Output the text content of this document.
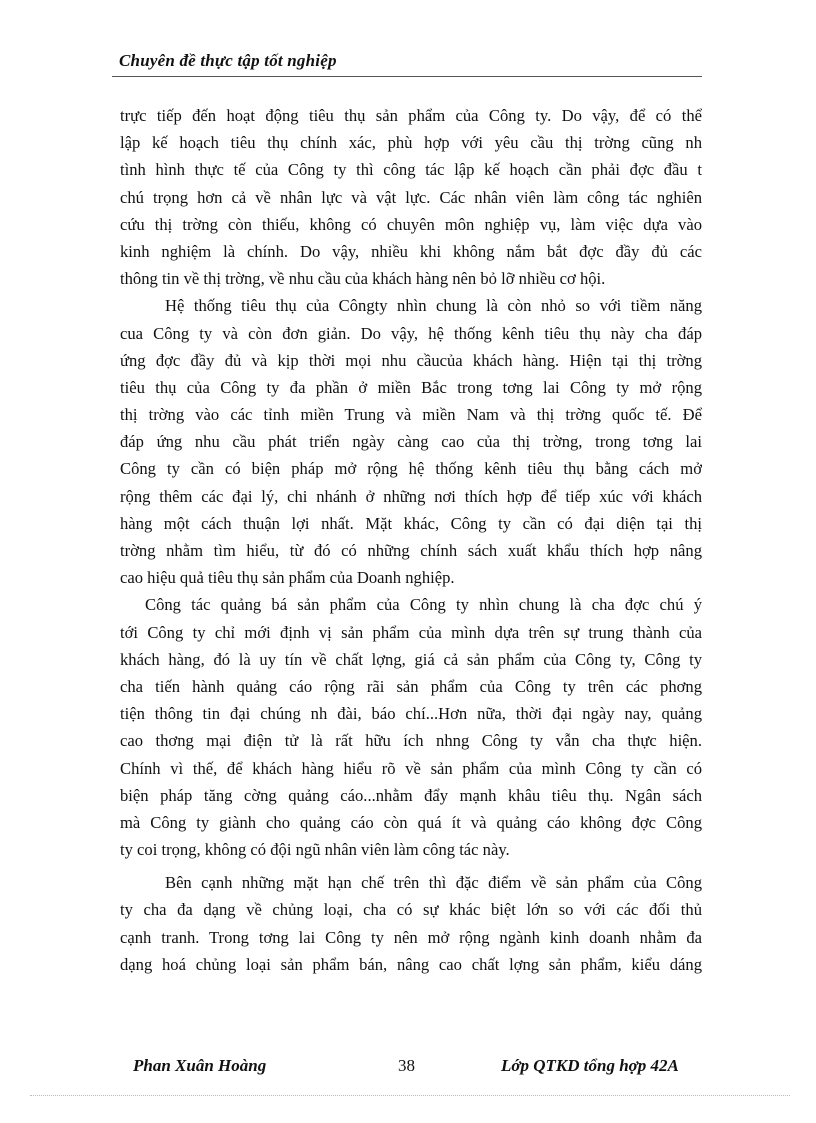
Chuyên đề thực tập tốt nghiệp
trực tiếp đến hoạt động tiêu thụ sản phẩm của Công ty. Do vậy, để có thể
lập kế hoạch tiêu thụ chính xác, phù hợp với yêu cầu thị trờng cũng nh
tình hình thực tế của Công ty thì công tác lập kế hoạch cần phải đợc đầu t
chú trọng hơn cả về nhân lực và vật lực. Các nhân viên làm công tác nghiên
cứu thị trờng còn thiếu, không có chuyên môn nghiệp vụ, làm việc dựa vào
kinh nghiệm là chính. Do vậy, nhiều khi không nắm bắt đợc đầy đủ các
thông tin về thị trờng, về nhu cầu của khách hàng nên bỏ lỡ nhiều cơ hội.
Hệ thống tiêu thụ của Côngty nhìn chung là còn nhỏ so với tiềm năng
cua Công ty và còn đơn giản. Do vậy, hệ thống kênh tiêu thụ này cha đáp
ứng đợc đầy đủ và kịp thời mọi nhu cầucủa khách hàng. Hiện tại thị trờng
tiêu thụ của Công ty đa phần ở miền Bắc trong tơng lai Công ty mở rộng
thị trờng vào các tỉnh miền Trung và miền Nam và thị trờng quốc tế. Để
đáp ứng nhu cầu phát triển ngày càng cao của thị trờng, trong tơng lai
Công ty cần có biện pháp mở rộng hệ thống kênh tiêu thụ bằng cách mở
rộng thêm các đại lý, chi nhánh ở những nơi thích hợp để tiếp xúc với khách
hàng một cách thuận lợi nhất. Mặt khác, Công ty cần có đại diện tại thị
trờng nhằm tìm hiểu, từ đó có những chính sách xuất khẩu thích hợp nâng
cao hiệu quả tiêu thụ sản phẩm của Doanh nghiệp.
Công tác quảng bá sản phẩm của Công ty nhìn chung là cha đợc chú ý
tới Công ty chỉ mới định vị sản phẩm của mình dựa trên sự trung thành của
khách hàng, đó là uy tín về chất lợng, giá cả sản phẩm của Công ty, Công ty
cha tiến hành quảng cáo rộng rãi sản phẩm của Công ty trên các phơng
tiện thông tin đại chúng nh đài, báo chí...Hơn nữa, thời đại ngày nay, quảng
cao thơng mại điện tử là rất hữu ích nhng Công ty vẫn cha thực hiện.
Chính vì thế, để khách hàng hiểu rõ về sản phẩm của mình Công ty cần có
biện pháp tăng cờng quảng cáo...nhằm đẩy mạnh khâu tiêu thụ. Ngân sách
mà Công ty giành cho quảng cáo còn quá ít và quảng cáo không đợc Công
ty coi trọng, không có đội ngũ nhân viên làm công tác này.
Bên cạnh những mặt hạn chế trên thì đặc điểm về sản phẩm của Công
ty cha đa dạng về chủng loại, cha có sự khác biệt lớn so với các đối thủ
cạnh tranh. Trong tơng lai Công ty nên mở rộng ngành kinh doanh nhằm đa
dạng hoá chủng loại sản phẩm bán, nâng cao chất lợng sản phẩm, kiểu dáng
Phan Xuân Hoàng	38	Lớp QTKD tổng hợp 42A
